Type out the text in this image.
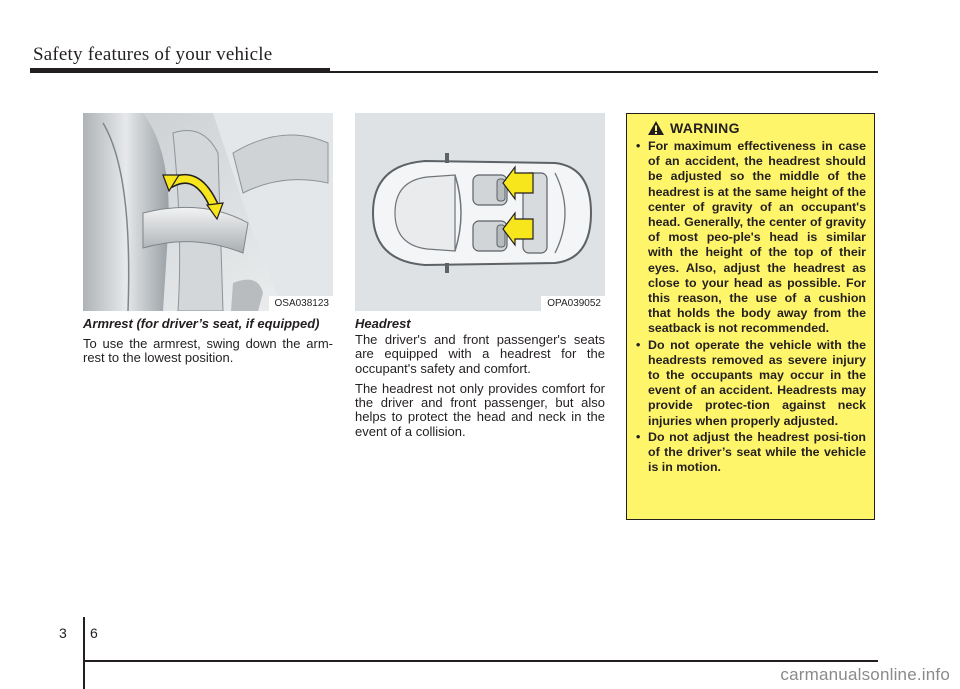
Safety features of your vehicle
OSA038123	OPA039052
Armrest (for driver’s seat, if equipped)

To use the armrest, swing down the arm-rest to the lowest position.

Headrest

The driver's and front passenger's seats are equipped with a headrest for the occupant's safety and comfort.

The headrest not only provides comfort for the driver and front passenger, but also helps to protect the head and neck in the event of a collision.

WARNING
• For maximum effectiveness in case of an accident, the headrest should be adjusted so the middle of the headrest is at the same height of the center of gravity of an occupant's head. Generally, the center of gravity of most peo-ple's head is similar with the height of the top of their eyes. Also, adjust the headrest as close to your head as possible. For this reason, the use of a cushion that holds the body away from the seatback is not recommended.
• Do not operate the vehicle with the headrests removed as severe injury to the occupants may occur in the event of an accident. Headrests may provide protec-tion against neck injuries when properly adjusted.
• Do not adjust the headrest posi-tion of the driver’s seat while the vehicle is in motion.
3 6
carmanualsonline.info
